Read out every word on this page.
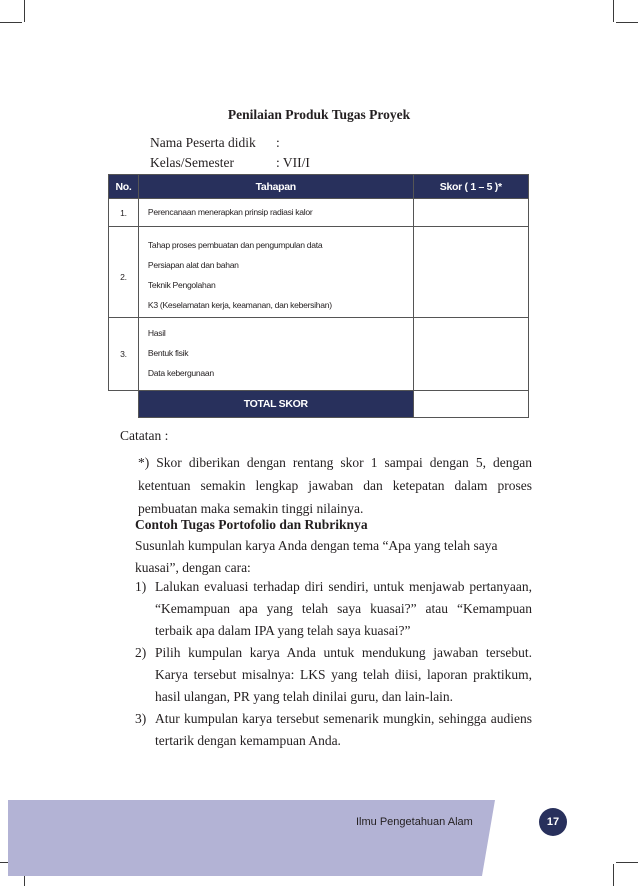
Penilaian Produk Tugas Proyek
Nama Peserta didik :
Kelas/Semester	: VII/I
No.	Tahapan	Skor ( 1 – 5 )*
1.	Perencanaan menerapkan prinsip radiasi kalor	

2.	Tahap proses pembuatan dan pengumpulan data
Persiapan alat dan bahan
Teknik Pengolahan
K3 (Keselamatan kerja, keamanan, dan kebersihan)	

3.	Hasil
Bentuk fisik
Data kebergunaan	

	TOTAL SKOR	
Catatan :
*) Skor diberikan dengan rentang skor 1 sampai dengan 5, dengan ketentuan semakin lengkap jawaban dan ketepatan dalam proses pembuatan maka semakin tinggi nilainya.
Contoh Tugas Portofolio dan Rubriknya
Susunlah kumpulan karya Anda dengan tema “Apa yang telah saya kuasai”, dengan cara:
1) Lalukan evaluasi terhadap diri sendiri, untuk menjawab pertanyaan, “Kemampuan apa yang telah saya kuasai?” atau “Kemampuan terbaik apa dalam IPA yang telah saya kuasai?”
2) Pilih kumpulan karya Anda untuk mendukung jawaban tersebut. Karya tersebut misalnya: LKS yang telah diisi, laporan praktikum, hasil ulangan, PR yang telah dinilai guru, dan lain-lain.
3) Atur kumpulan karya tersebut semenarik mungkin, sehingga audiens tertarik dengan kemampuan Anda.
Ilmu Pengetahuan Alam	17
